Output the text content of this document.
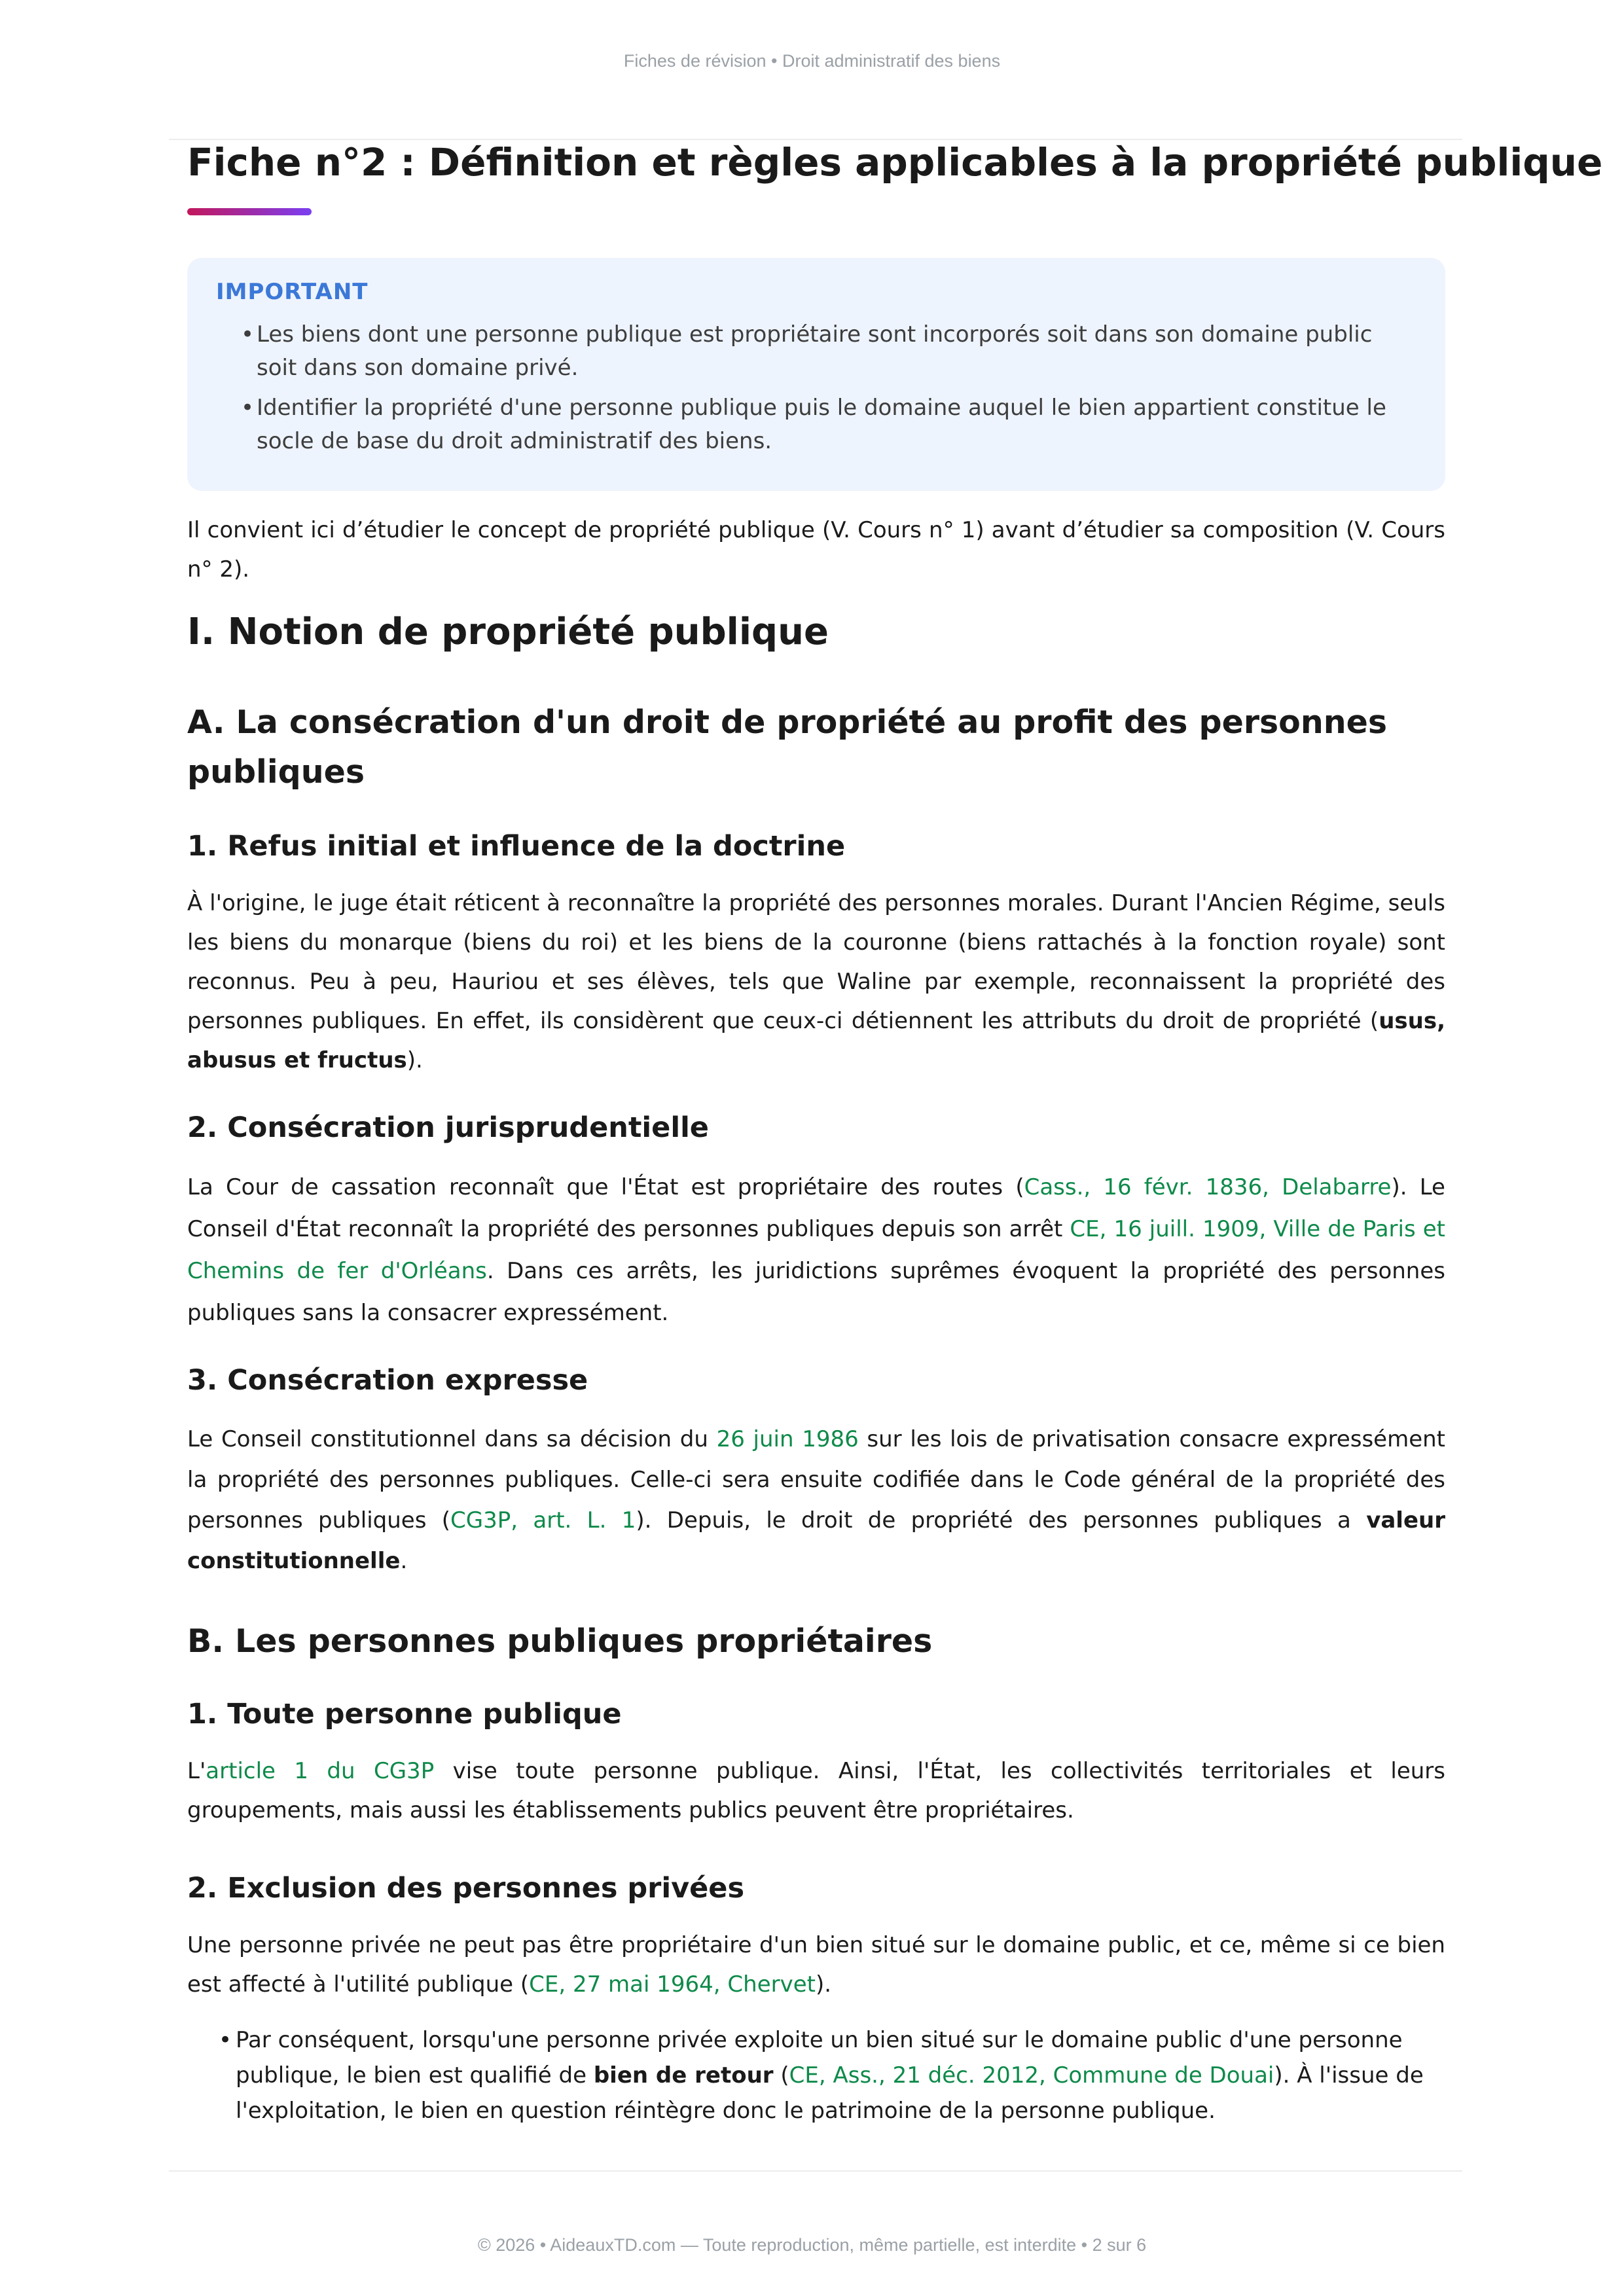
Fiches de révision • Droit administratif des biens
Fiche n°2 : Définition et règles applicables à la propriété publique
IMPORTANT
• Les biens dont une personne publique est propriétaire sont incorporés soit dans son domaine public soit dans son domaine privé.
• Identifier la propriété d'une personne publique puis le domaine auquel le bien appartient constitue le socle de base du droit administratif des biens.
Il convient ici d’étudier le concept de propriété publique (V. Cours n° 1) avant d’étudier sa composition (V. Cours n° 2).
I. Notion de propriété publique
A. La consécration d'un droit de propriété au profit des personnes publiques
1. Refus initial et influence de la doctrine
À l'origine, le juge était réticent à reconnaître la propriété des personnes morales. Durant l'Ancien Régime, seuls les biens du monarque (biens du roi) et les biens de la couronne (biens rattachés à la fonction royale) sont reconnus. Peu à peu, Hauriou et ses élèves, tels que Waline par exemple, reconnaissent la propriété des personnes publiques. En effet, ils considèrent que ceux-ci détiennent les attributs du droit de propriété (usus, abusus et fructus).
2. Consécration jurisprudentielle
La Cour de cassation reconnaît que l'État est propriétaire des routes (Cass., 16 févr. 1836, Delabarre). Le Conseil d'État reconnaît la propriété des personnes publiques depuis son arrêt CE, 16 juill. 1909, Ville de Paris et Chemins de fer d'Orléans. Dans ces arrêts, les juridictions suprêmes évoquent la propriété des personnes publiques sans la consacrer expressément.
3. Consécration expresse
Le Conseil constitutionnel dans sa décision du 26 juin 1986 sur les lois de privatisation consacre expressément la propriété des personnes publiques. Celle-ci sera ensuite codifiée dans le Code général de la propriété des personnes publiques (CG3P, art. L. 1). Depuis, le droit de propriété des personnes publiques a valeur constitutionnelle.
B. Les personnes publiques propriétaires
1. Toute personne publique
L'article 1 du CG3P vise toute personne publique. Ainsi, l'État, les collectivités territoriales et leurs groupements, mais aussi les établissements publics peuvent être propriétaires.
2. Exclusion des personnes privées
Une personne privée ne peut pas être propriétaire d'un bien situé sur le domaine public, et ce, même si ce bien est affecté à l'utilité publique (CE, 27 mai 1964, Chervet).
• Par conséquent, lorsqu'une personne privée exploite un bien situé sur le domaine public d'une personne publique, le bien est qualifié de bien de retour (CE, Ass., 21 déc. 2012, Commune de Douai). À l'issue de l'exploitation, le bien en question réintègre donc le patrimoine de la personne publique.
© 2026 • AideauxTD.com — Toute reproduction, même partielle, est interdite • 2 sur 6
